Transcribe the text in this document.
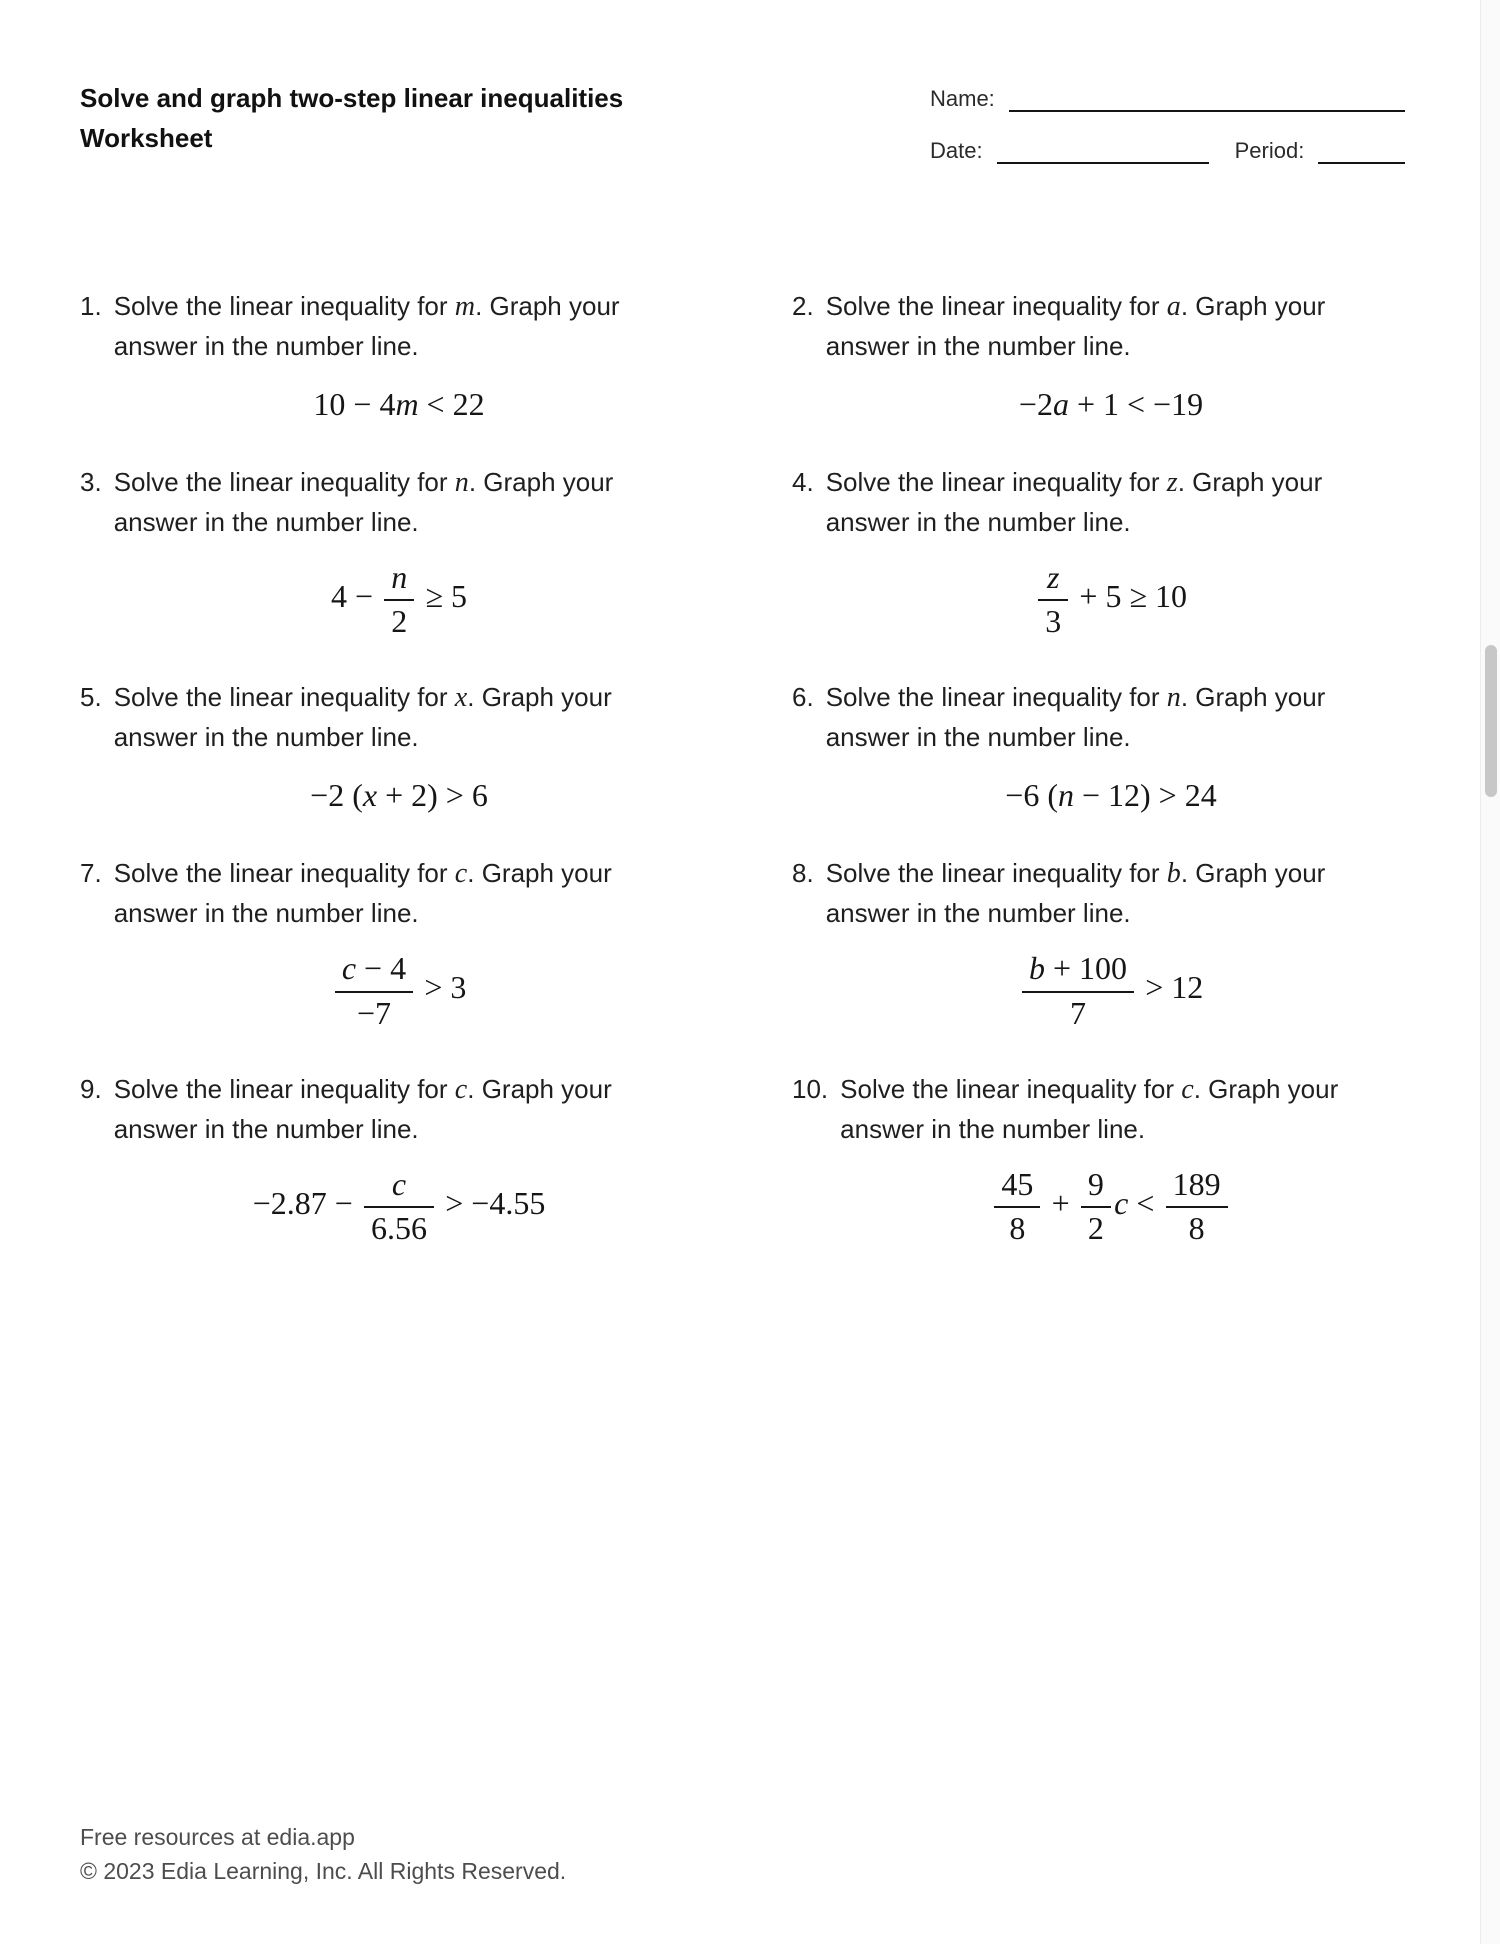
Solve and graph two-step linear inequalities
Worksheet
Name:
Date:	Period:
1. Solve the linear inequality for m. Graph your answer in the number line.
10 − 4m < 22
2. Solve the linear inequality for a. Graph your answer in the number line.
−2a + 1 < −19
3. Solve the linear inequality for n. Graph your answer in the number line.
$4 - \frac{n}{2} \ge 5$
4. Solve the linear inequality for z. Graph your answer in the number line.
$\frac{z}{3} + 5 \ge 10$
5. Solve the linear inequality for x. Graph your answer in the number line.
−2 (x + 2) > 6
6. Solve the linear inequality for n. Graph your answer in the number line.
−6 (n − 12) > 24
7. Solve the linear inequality for c. Graph your answer in the number line.
$\frac{c - 4}{-7} > 3$
8. Solve the linear inequality for b. Graph your answer in the number line.
$\frac{b + 100}{7} > 12$
9. Solve the linear inequality for c. Graph your answer in the number line.
$-2.87 - \frac{c}{6.56} > -4.55$
10. Solve the linear inequality for c. Graph your answer in the number line.
$\frac{45}{8} + \frac{9}{2}$ $c < \frac{189}{8}$
Free resources at edia.app
© 2023 Edia Learning, Inc. All Rights Reserved.
